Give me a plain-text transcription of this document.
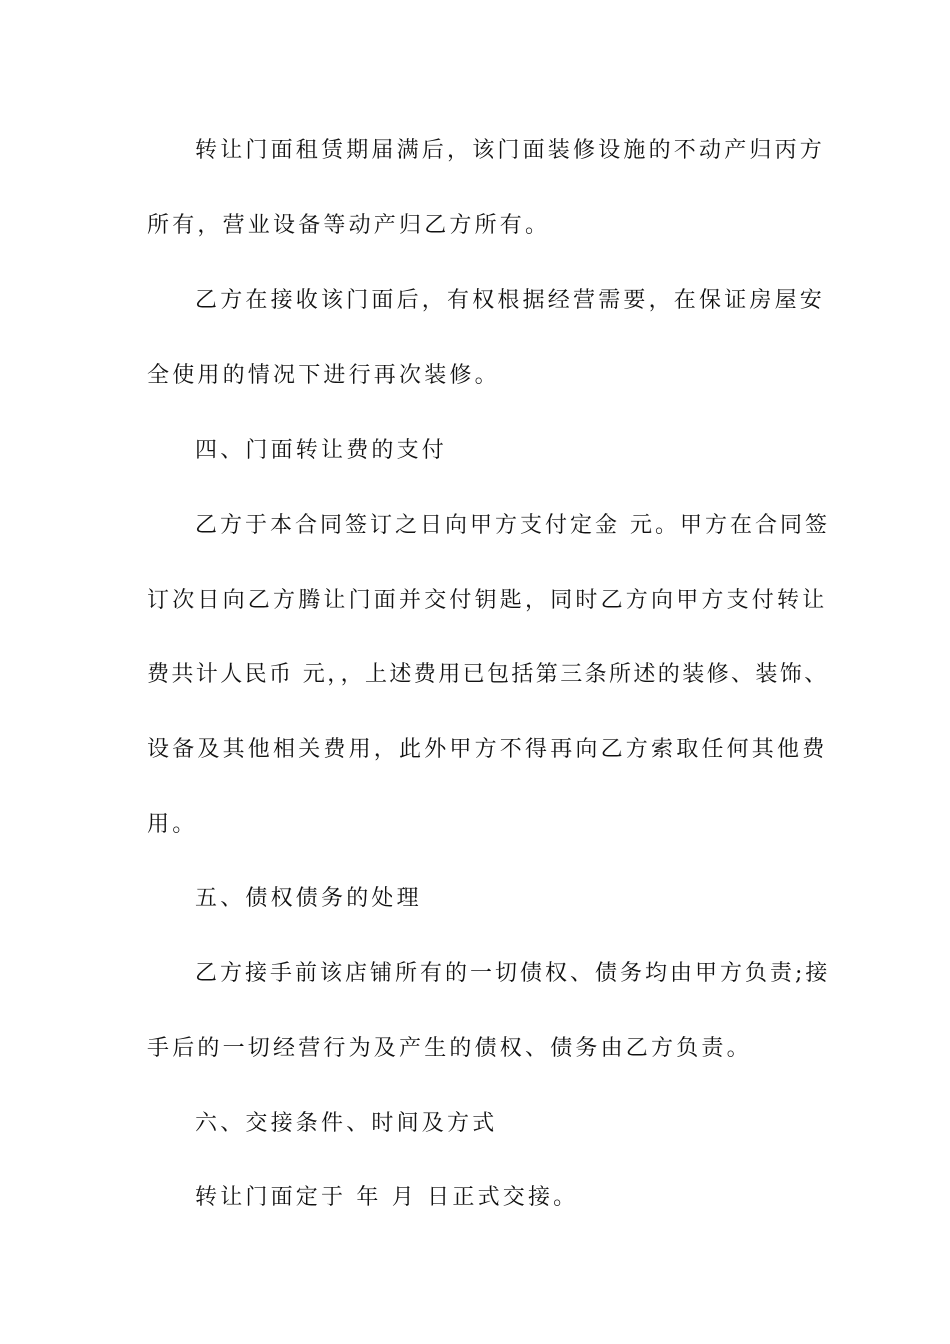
转让门面租赁期届满后，该门面装修设施的不动产归丙方
所有，营业设备等动产归乙方所有。
乙方在接收该门面后，有权根据经营需要，在保证房屋安
全使用的情况下进行再次装修。
四、门面转让费的支付
乙方于本合同签订之日向甲方支付定金 元。甲方在合同签
订次日向乙方腾让门面并交付钥匙，同时乙方向甲方支付转让
费共计人民币 元，，上述费用已包括第三条所述的装修、装饰、
设备及其他相关费用，此外甲方不得再向乙方索取任何其他费
用。
五、债权债务的处理
乙方接手前该店铺所有的一切债权、债务均由甲方负责;接
手后的一切经营行为及产生的债权、债务由乙方负责。
六、交接条件、时间及方式
转让门面定于 年 月 日正式交接。
